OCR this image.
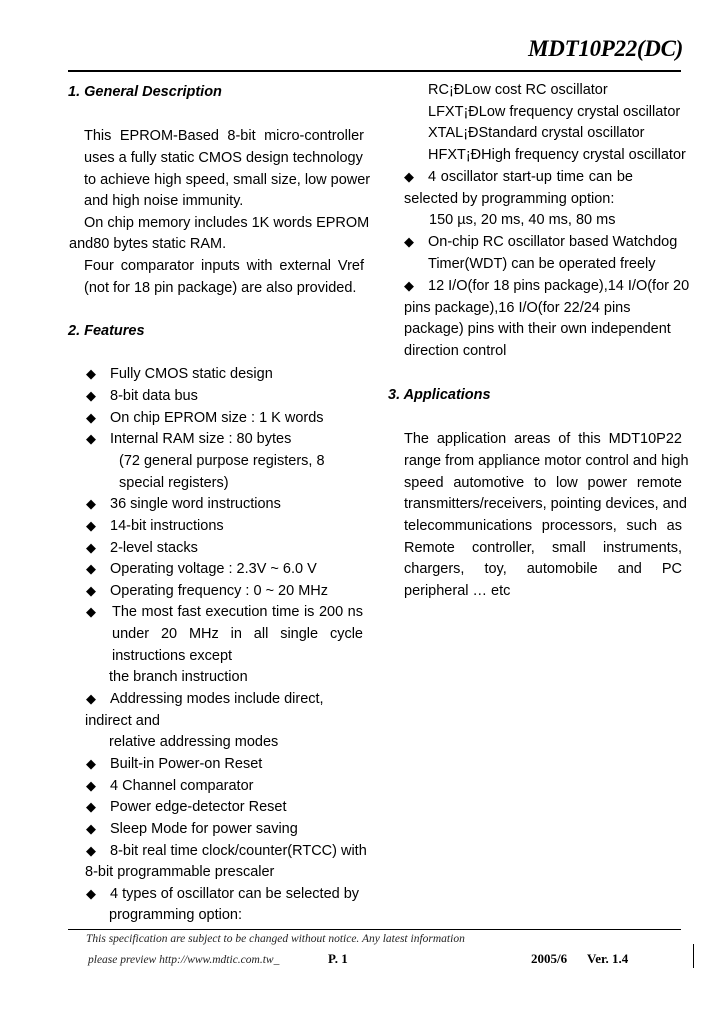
MDT10P22(DC)
1. General Description
This EPROM-Based 8-bit micro-controller
uses a fully static CMOS design technology
to achieve high speed, small size, low power
and high noise immunity.
On chip memory includes 1K words EPROM
and80 bytes static RAM.
Four comparator inputs with external Vref
(not for 18 pin package) are also provided.
2. Features
◆ Fully CMOS static design
◆ 8-bit data bus
◆ On chip EPROM size : 1 K words
◆ Internal RAM size : 80 bytes
(72 general purpose registers, 8
special registers)
◆ 36 single word instructions
◆ 14-bit instructions
◆ 2-level stacks
◆ Operating voltage : 2.3V ~ 6.0 V
◆ Operating frequency : 0 ~ 20 MHz
◆ The most fast execution time is 200 ns
under 20 MHz in all single cycle
instructions except
the branch instruction
◆ Addressing modes include direct,
indirect and
relative addressing modes
◆ Built-in Power-on Reset
◆ 4 Channel comparator
◆ Power edge-detector Reset
◆ Sleep Mode for power saving
◆ 8-bit real time clock/counter(RTCC) with
8-bit programmable prescaler
◆ 4 types of oscillator can be selected by
programming option:
RC¡ÐLow cost RC oscillator
LFXT¡ÐLow frequency crystal oscillator
XTAL¡ÐStandard crystal oscillator
HFXT¡ÐHigh frequency crystal oscillator
◆ 4 oscillator start-up time can be
selected by programming option:
150 µs, 20 ms, 40 ms, 80 ms
◆ On-chip RC oscillator based Watchdog
Timer(WDT) can be operated freely
◆ 12 I/O(for 18 pins package),14 I/O(for 20
pins package),16 I/O(for 22/24 pins
package) pins with their own independent
direction control
3. Applications
The application areas of this MDT10P22
range from appliance motor control and high
speed automotive to low power remote
transmitters/receivers, pointing devices, and
telecommunications processors, such as
Remote controller, small instruments,
chargers, toy, automobile and PC
peripheral … etc
This specification are subject to be changed without notice. Any latest information
please preview http://www.mdtic.com.tw_	P. 1	2005/6 Ver. 1.4
